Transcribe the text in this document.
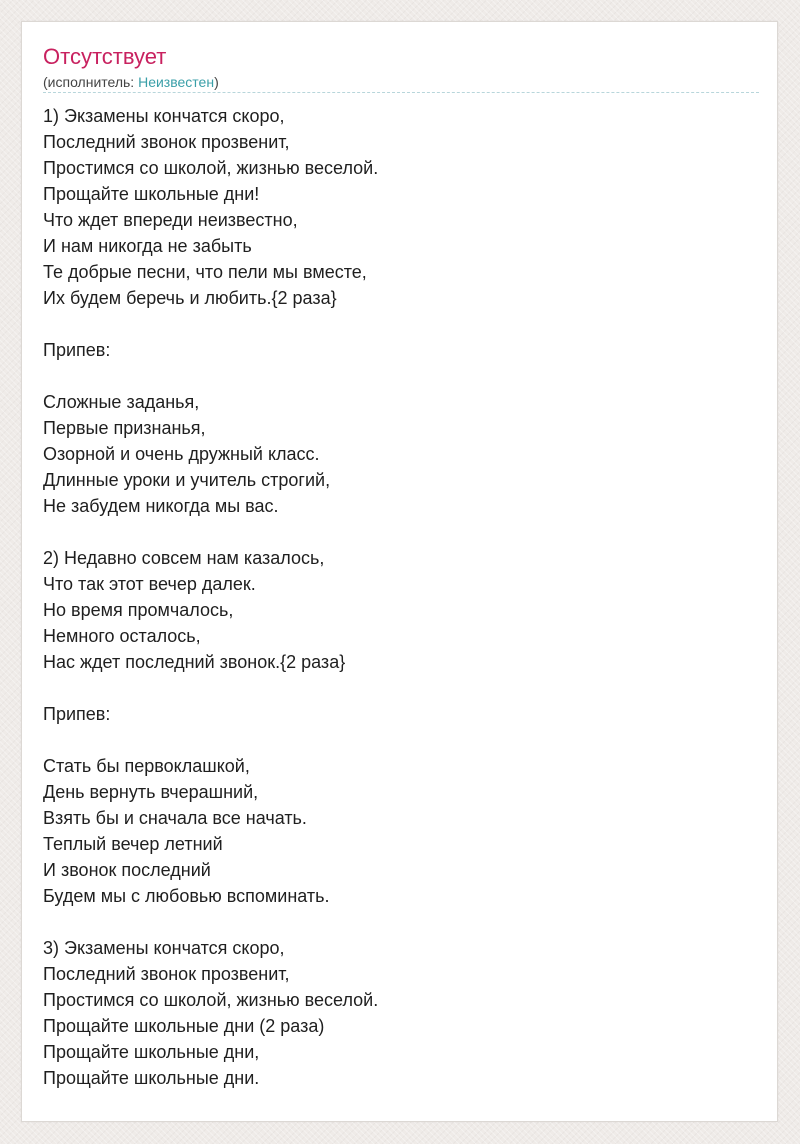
Отсутствует
(исполнитель: Неизвестен)
1) Экзамены кончатся скоро,
Последний звонок прозвенит,
Простимся со школой, жизнью веселой.
Прощайте школьные дни!
Что ждет впереди неизвестно,
И нам никогда не забыть
Те добрые песни, что пели мы вместе,
Их будем беречь и любить.{2 раза}
Припев:
Сложные заданья,
Первые признанья,
Озорной и очень дружный класс.
Длинные уроки и учитель строгий,
Не забудем никогда мы вас.
2) Недавно совсем нам казалось,
Что так этот вечер далек.
Но время промчалось,
Немного осталось,
Нас ждет последний звонок.{2 раза}
Припев:
Стать бы первоклашкой,
День вернуть вчерашний,
Взять бы и сначала все начать.
Теплый вечер летний
И звонок последний
Будем мы с любовью вспоминать.
3) Экзамены кончатся скоро,
Последний звонок прозвенит,
Простимся со школой, жизнью веселой.
Прощайте школьные дни (2 раза)
Прощайте школьные дни,
Прощайте школьные дни.
